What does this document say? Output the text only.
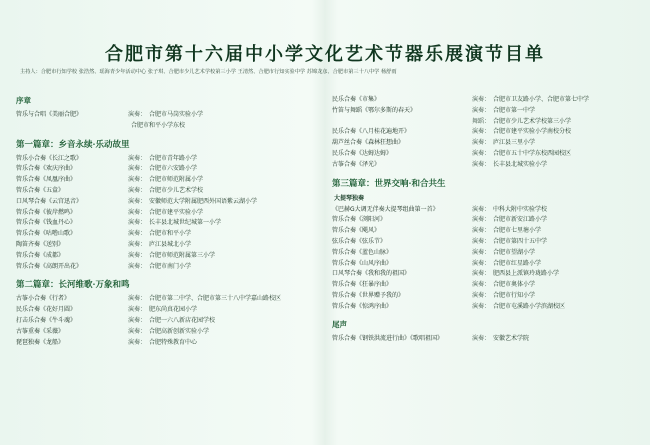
合肥市第十六届中小学文化艺术节器乐展演节目单
主持人：合肥市行知学校 张浩然、瑶海青少年活动中心 张子琪、合肥市少儿艺术学校第三小学 王清然、合肥市行知实验中学 苏锦龙彦、合肥市第三十八中学 杨舒雨
序章
管乐与合唱《美丽合肥》	演奏： 合肥市马岗实验小学
合肥市和平小学东校
第一篇章：乡音永续·乐动故里
管乐小合奏《长江之歌》	演奏： 合肥市青年路小学
管乐合奏《欢庆序曲》	演奏： 合肥市六安路小学
管乐合奏《凤凰序曲》	演奏： 合肥市师范附属小学
管乐合奏《五盒》	演奏： 合肥市少儿艺术学校
口风琴合奏《云宫迅音》	演奏： 安徽师范大学附属肥西外国语紫云湖小学
管乐合奏《彼岸燃鸣》	演奏： 合肥市建平实验小学
管乐合奏《钱血丹心》	演奏： 长丰县北城世纪城第一小学
管乐合奏《咕噜山歌》	演奏： 合肥市和平小学
陶笛齐奏《送别》	演奏： 庐江县城北小学
管乐合奏《成都》	演奏： 合肥市师范附属第三小学
管乐合奏《高朗开出花》	演奏： 合肥市南门小学
第二篇章：长河维歌·万象和鸣
古筝小合奏《行者》	演奏： 合肥市第二中学、合肥市第三十八中学嘉山路校区
民乐合奏《花好月圆》	演奏： 肥东尚真花园小学
打击乐合奏《牛斗魂》	演奏： 合肥一六八新店花园学校
古筝重奏《采薇》	演奏： 合肥高新创新实验小学
琵琶独奏《龙船》	演奏： 合肥特殊教育中心
民乐合奏《市集》	演奏： 合肥市卫友路小学、合肥市第七中学
竹笛与舞蹈《鄂尔多斯的春天》	演奏： 合肥市第一中学
舞蹈： 合肥市少儿艺术学校第三小学
民乐合奏《八月桂花遍地开》	演奏： 合肥市建平实验小学南校分校
葫芦丝合奏《森林狂想曲》	演奏： 庐江县三里小学
民乐合奏《达姆达姆》	演奏： 合肥市五十中学东校西园校区
古筝合奏《泽光》	演奏： 长丰县北城实验小学
第三篇章：世界交响·和合共生
大提琴独奏
《巴赫G大调无伴奏大提琴组曲第一首》	演奏： 中科大附中实验学校
管乐合奏《浏阳河》	演奏： 合肥市新安江路小学
管乐合奏《飓风》	演奏： 合肥市七里塘小学
弦乐合奏《弦乐节》	演奏： 合肥市第四十五中学
管乐合奏《蓝色山脉》	演奏： 合肥市望湖小学
管乐合奏《山风序曲》	演奏： 合肥市红星路小学
口风琴合奏《我和我的祖国》	演奏： 肥西县上派镇玲珑路小学
管乐合奏《狂暴序曲》	演奏： 合肥市奥体小学
管乐合奏《世界赠予我的》	演奏： 合肥市行知小学
管乐合奏《惊鸿序曲》	演奏： 合肥市屯溪路小学滨湖校区
尾声
管乐合奏《钢铁洪流进行曲》《歌唱祖国》	演奏： 安徽艺术学院
